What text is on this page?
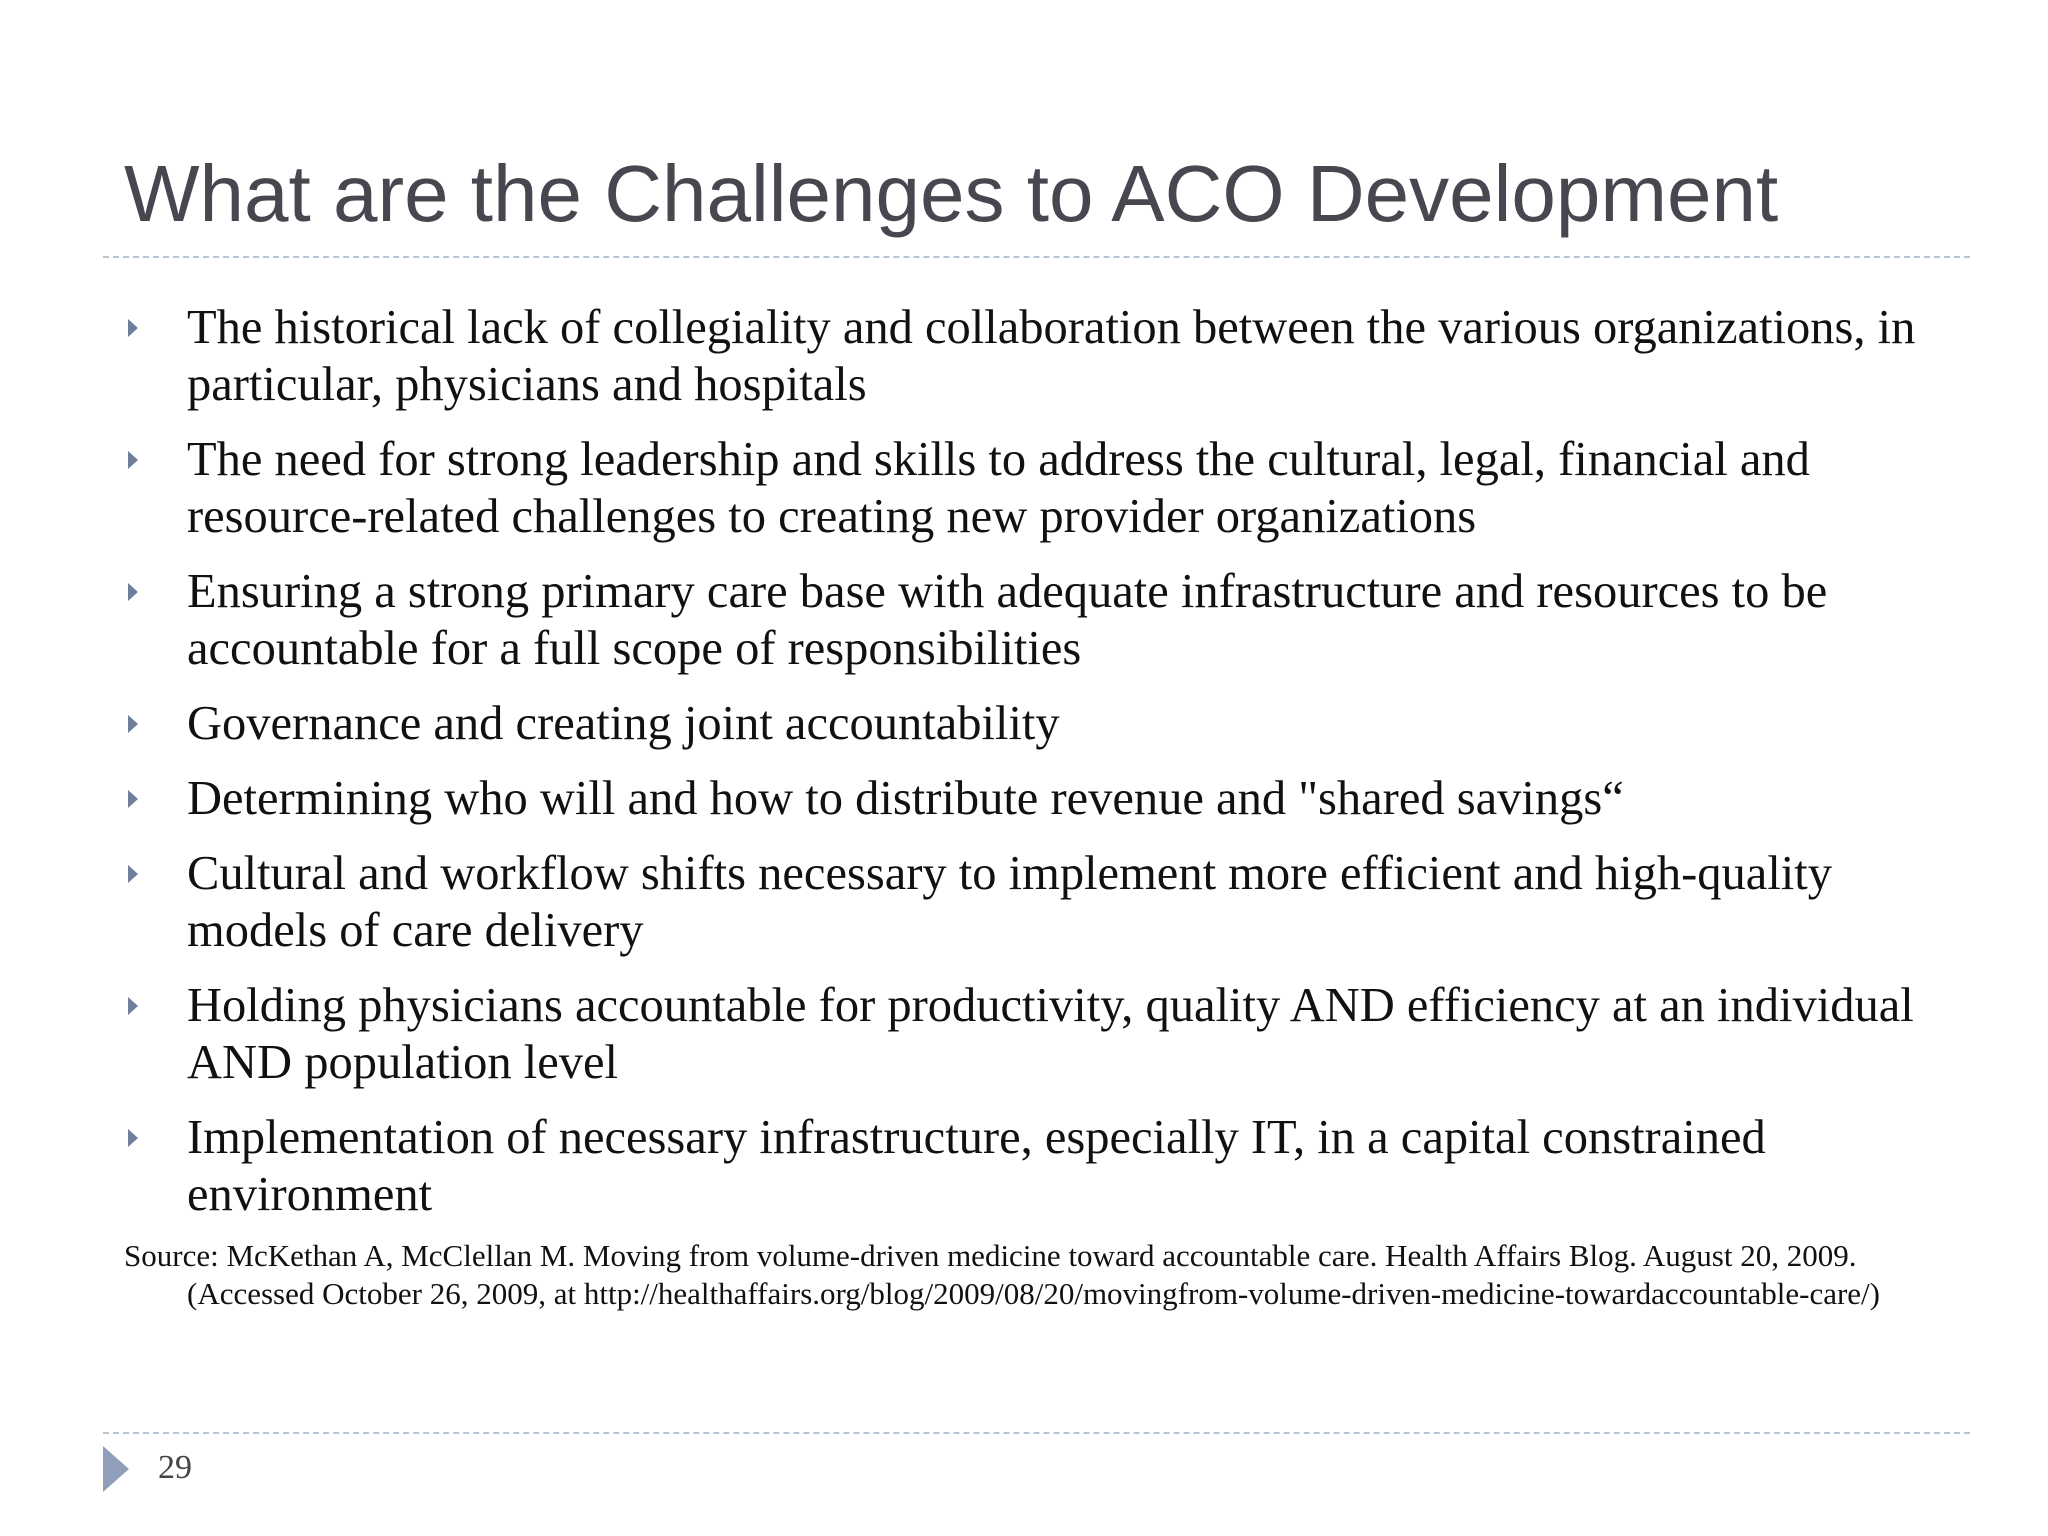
What are the Challenges to ACO Development
The historical lack of collegiality and collaboration between the various organizations, in particular, physicians and hospitals
The need for strong leadership and skills to address the cultural, legal, financial and resource-related challenges to creating new provider organizations
Ensuring a strong primary care base with adequate infrastructure and resources to be accountable for a full scope of responsibilities
Governance and creating joint accountability
Determining who will and how to distribute revenue and "shared savings“
Cultural and workflow shifts necessary to implement more efficient and high-quality models of care delivery
Holding physicians accountable for productivity, quality AND efficiency at an individual AND population level
Implementation of necessary infrastructure, especially IT, in a capital constrained environment

Source: McKethan A, McClellan M. Moving from volume-driven medicine toward accountable care. Health Affairs Blog. August 20, 2009. (Accessed October 26, 2009, at http://healthaffairs.org/blog/2009/08/20/movingfrom-volume-driven-medicine-towardaccountable-care/)

29
